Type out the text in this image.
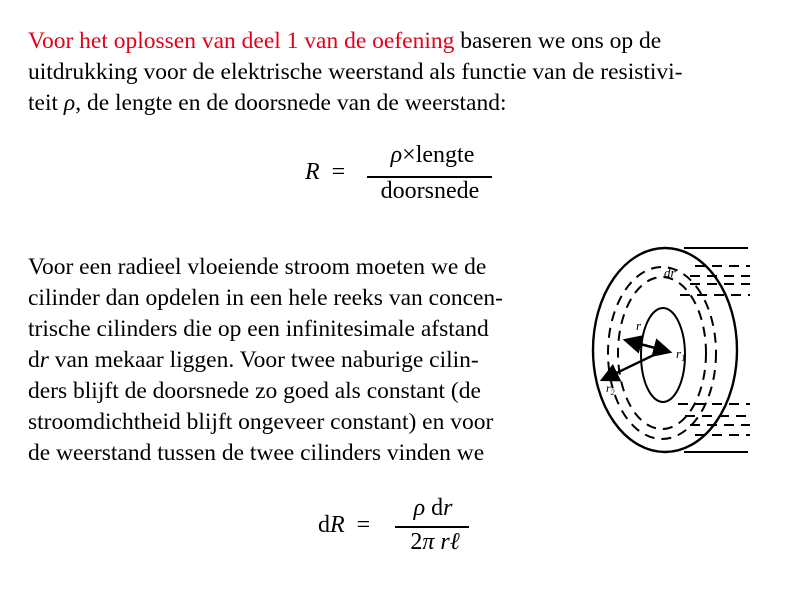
Voor het oplossen van deel 1 van de oefening baseren we ons op de
uitdrukking voor de elektrische weerstand als functie van de resistivi-
teit ρ, de lengte en de doorsnede van de weerstand:

R =
ρ×lengte
doorsnede

Voor een radieel vloeiende stroom moeten we de
cilinder dan opdelen in een hele reeks van concen-
trische cilinders die op een infinitesimale afstand
dr van mekaar liggen. Voor twee naburige cilin-
ders blijft de doorsnede zo goed als constant (de
stroomdichtheid blijft ongeveer constant) en voor
de weerstand tussen de twee cilinders vinden we

dR =
ρ dr
2π rℓ
dr
r
$r_1$
$r_2$
